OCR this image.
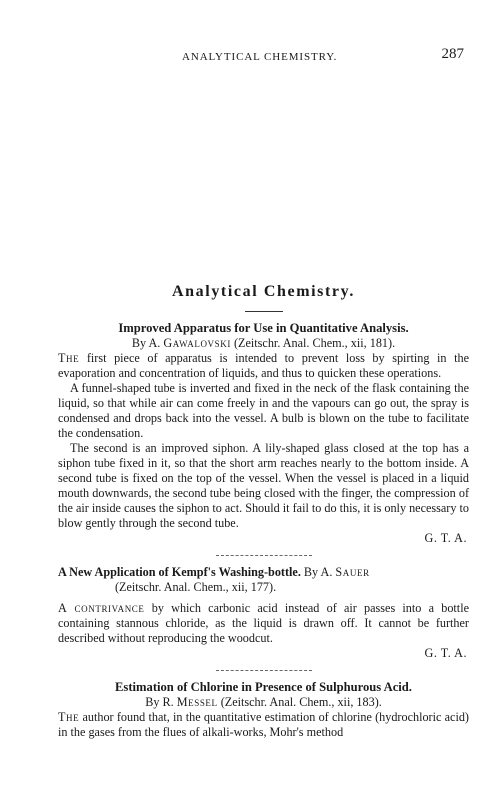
ANALYTICAL CHEMISTRY.	287
Analytical Chemistry.

Improved Apparatus for Use in Quantitative Analysis.

By A. Gawalovski (Zeitschr. Anal. Chem., xii, 181).

The first piece of apparatus is intended to prevent loss by spirting in the evaporation and concentration of liquids, and thus to quicken these operations.

A funnel-shaped tube is inverted and fixed in the neck of the flask containing the liquid, so that while air can come freely in and the vapours can go out, the spray is condensed and drops back into the vessel. A bulb is blown on the tube to facilitate the condensation.

The second is an improved siphon. A lily-shaped glass closed at the top has a siphon tube fixed in it, so that the short arm reaches nearly to the bottom inside. A second tube is fixed on the top of the vessel. When the vessel is placed in a liquid mouth downwards, the second tube being closed with the finger, the compression of the air inside causes the siphon to act. Should it fail to do this, it is only necessary to blow gently through the second tube.

G. T. A.

A New Application of Kempf's Washing-bottle. By A. Sauer
(Zeitschr. Anal. Chem., xii, 177).

A contrivance by which carbonic acid instead of air passes into a bottle containing stannous chloride, as the liquid is drawn off. It cannot be further described without reproducing the woodcut.

G. T. A.

Estimation of Chlorine in Presence of Sulphurous Acid.

By R. Messel (Zeitschr. Anal. Chem., xii, 183).

The author found that, in the quantitative estimation of chlorine (hydrochloric acid) in the gases from the flues of alkali-works, Mohr's method
